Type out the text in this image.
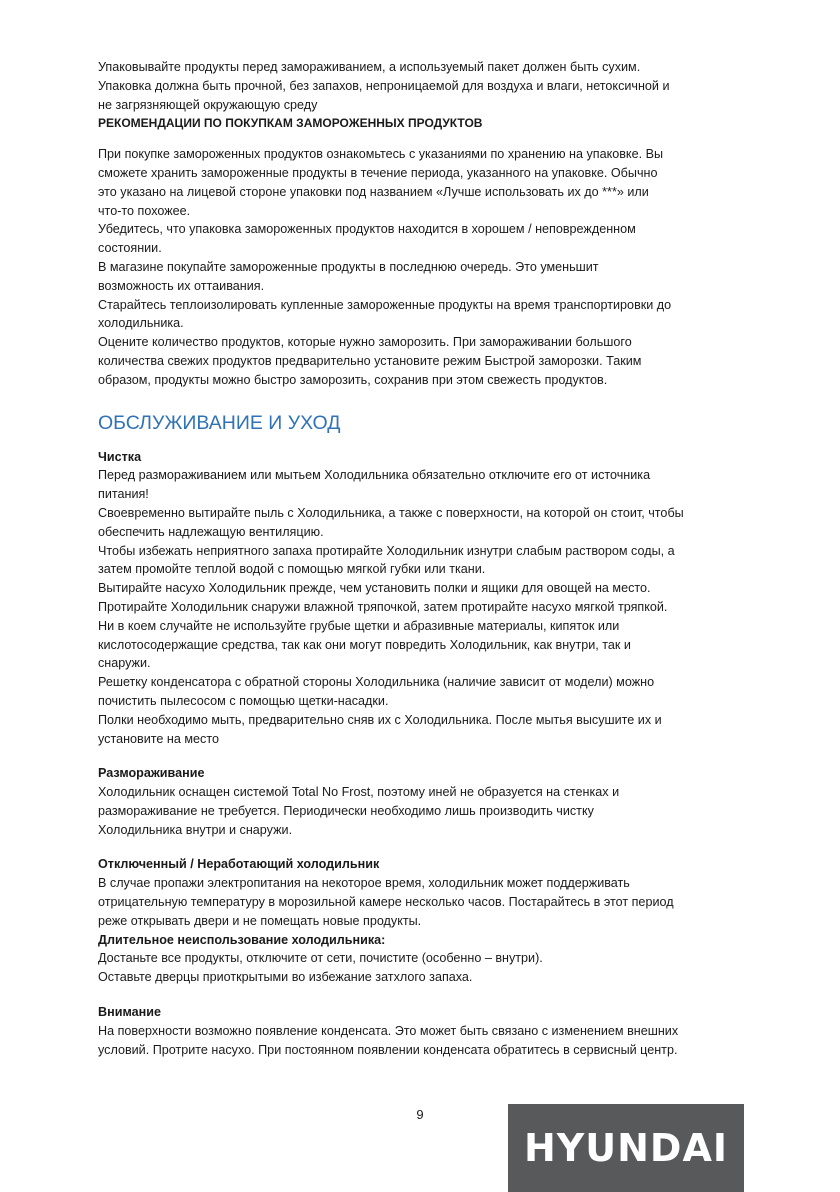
Упаковывайте продукты перед замораживанием, а используемый пакет должен быть сухим.

Упаковка должна быть прочной, без запахов, непроницаемой для воздуха и влаги, нетоксичной и

не загрязняющей окружающую среду

РЕКОМЕНДАЦИИ ПО ПОКУПКАМ ЗАМОРОЖЕННЫХ ПРОДУКТОВ

При покупке замороженных продуктов ознакомьтесь с указаниями по хранению на упаковке. Вы

сможете хранить замороженные продукты в течение периода, указанного на упаковке. Обычно

это указано на лицевой стороне упаковки под названием «Лучше использовать их до ***» или

что-то похожее.

Убедитесь, что упаковка замороженных продуктов находится в хорошем / неповрежденном

состоянии.

В магазине покупайте замороженные продукты в последнюю очередь. Это уменьшит

возможность их оттаивания.

Старайтесь теплоизолировать купленные замороженные продукты на время транспортировки до

холодильника.

Оцените количество продуктов, которые нужно заморозить. При замораживании большого

количества свежих продуктов предварительно установите режим Быстрой заморозки. Таким

образом, продукты можно быстро заморозить, сохранив при этом свежесть продуктов.

ОБСЛУЖИВАНИЕ И УХОД

Чистка

Перед размораживанием или мытьем Холодильника обязательно отключите его от источника

питания!

Своевременно вытирайте пыль с Холодильника, а также с поверхности, на которой он стоит, чтобы

обеспечить надлежащую вентиляцию.

Чтобы избежать неприятного запаха протирайте Холодильник изнутри слабым раствором соды, а

затем промойте теплой водой с помощью мягкой губки или ткани.

Вытирайте насухо Холодильник прежде, чем установить полки и ящики для овощей на место.

Протирайте Холодильник снаружи влажной тряпочкой, затем протирайте насухо мягкой тряпкой.

Ни в коем случайте не используйте грубые щетки и абразивные материалы, кипяток или

кислотосодержащие средства, так как они могут повредить Холодильник, как внутри, так и

снаружи.

Решетку конденсатора с обратной стороны Холодильника (наличие зависит от модели) можно

почистить пылесосом с помощью щетки-насадки.

Полки необходимо мыть, предварительно сняв их с Холодильника. После мытья высушите их и

установите на место

Размораживание

Холодильник оснащен системой Total No Frost, поэтому иней не образуется на стенках и

размораживание не требуется. Периодически необходимо лишь производить чистку

Холодильника внутри и снаружи.

Отключенный / Неработающий холодильник

В случае пропажи электропитания на некоторое время, холодильник может поддерживать

отрицательную температуру в морозильной камере несколько часов. Постарайтесь в этот период

реже открывать двери и не помещать новые продукты.

Длительное неиспользование холодильника:

Достаньте все продукты, отключите от сети, почистите (особенно – внутри).

Оставьте дверцы приоткрытыми во избежание затхлого запаха.

Внимание

На поверхности возможно появление конденсата. Это может быть связано с изменением внешних

условий. Протрите насухо. При постоянном появлении конденсата обратитесь в сервисный центр.

9
HYUNDAI
